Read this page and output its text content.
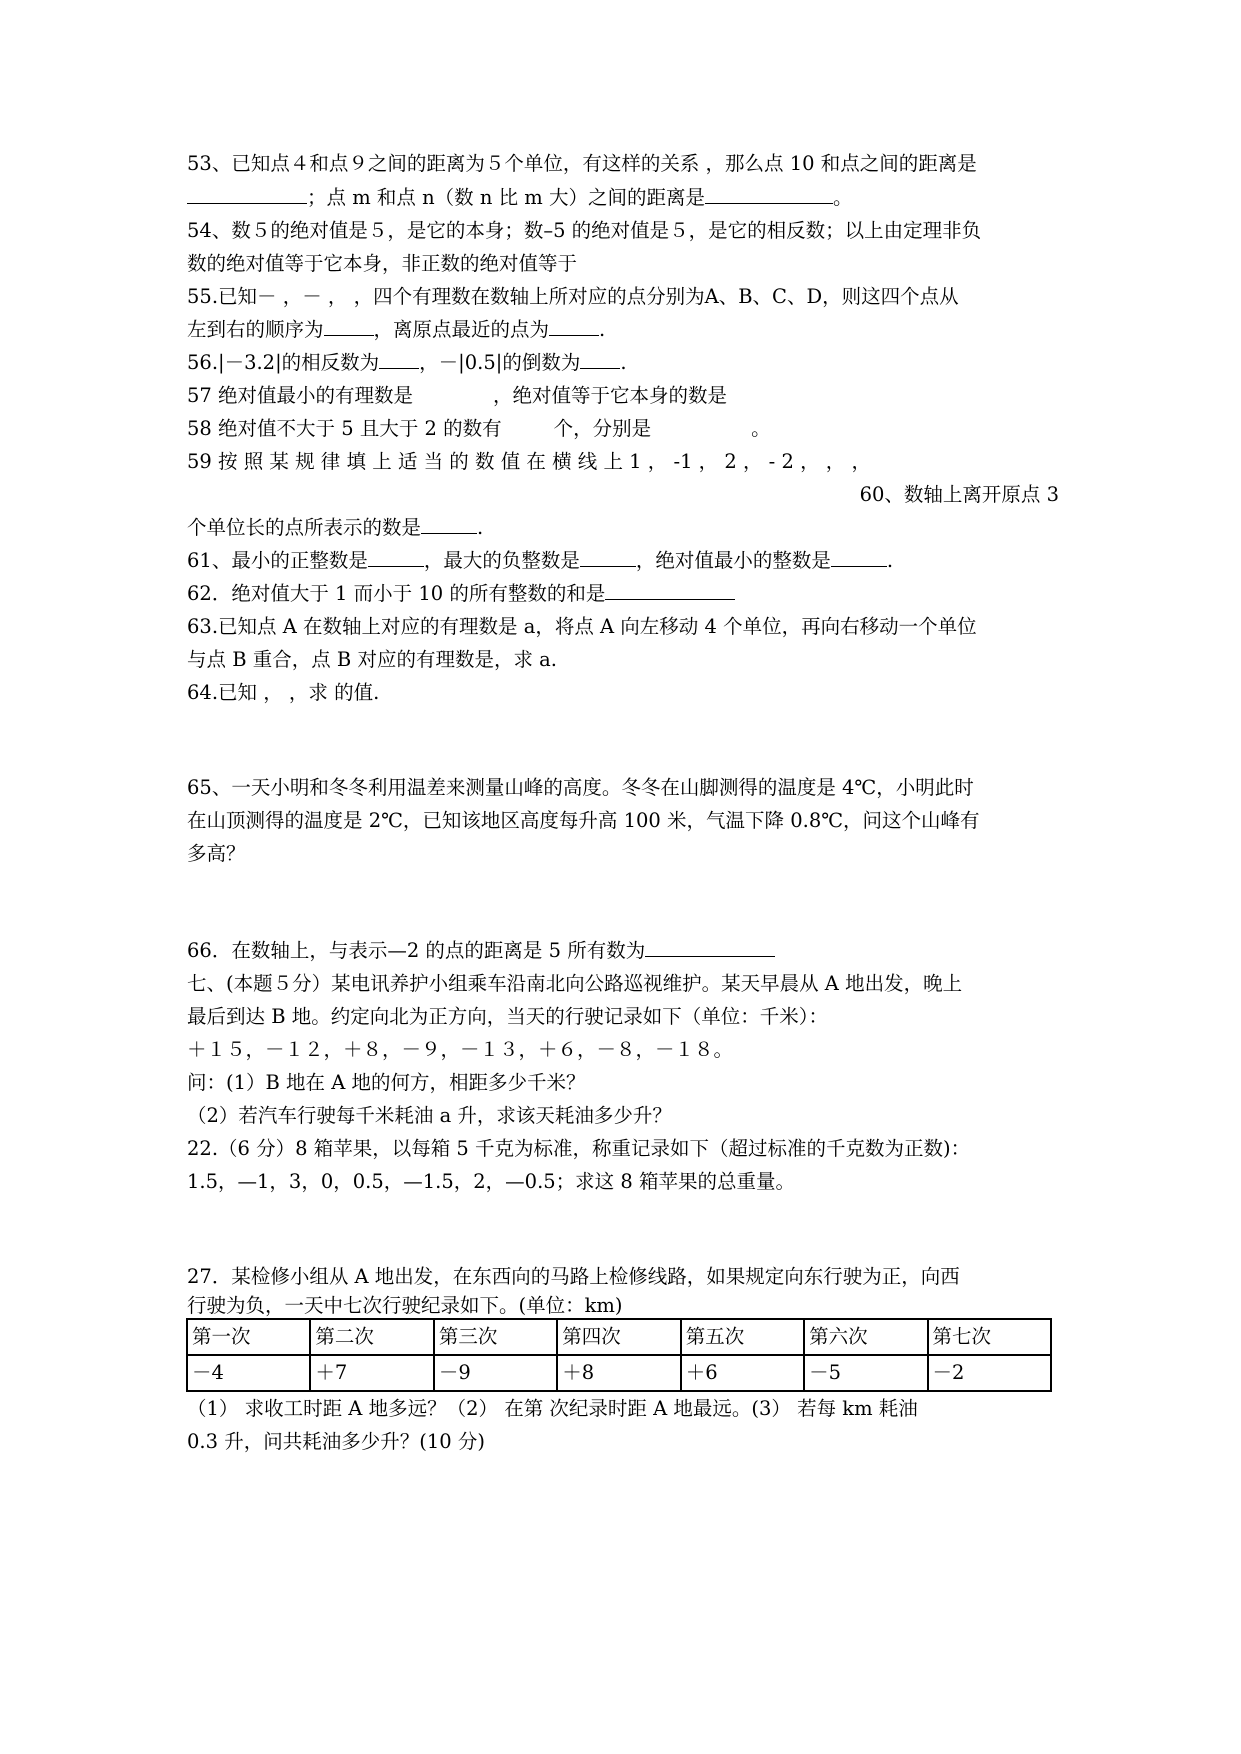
53、已知点４和点９之间的距离为５个单位，有这样的关系 ，那么点 10 和点之间的距离是
；点 m 和点 n（数 n 比 m 大）之间的距离是	。
54、数５的绝对值是５，是它的本身；数–5 的绝对值是５，是它的相反数；以上由定理非负
数的绝对值等于它本身，非正数的绝对值等于
55.已知－ ，－ ， ，四个有理数在数轴上所对应的点分别为A、B、C、D，则这四个点从
左到右的顺序为	，离原点最近的点为	.
56.|－3.2|的相反数为 ，－|0.5|的倒数为 .
57 绝对值最小的有理数是	，绝对值等于它本身的数是
58 绝对值不大于 5 且大于 2 的数有	个，分别是	。
59 按 照 某 规 律 填 上 适 当 的 数 值 在 横 线 上 1 ， -1 ， 2 ， - 2 ， ， ，
60、数轴上离开原点 3
个单位长的点所表示的数是	.
61、最小的正整数是	，最大的负整数是	，绝对值最小的整数是	.
62．绝对值大于 1 而小于 10 的所有整数的和是
63.已知点 A 在数轴上对应的有理数是 a，将点 A 向左移动 4 个单位，再向右移动一个单位
与点 B 重合，点 B 对应的有理数是，求 a.
64.已知 ， ，求 的值.
65、一天小明和冬冬利用温差来测量山峰的高度。冬冬在山脚测得的温度是 4℃，小明此时
在山顶测得的温度是 2℃，已知该地区高度每升高 100 米，气温下降 0.8℃，问这个山峰有
多高？
66．在数轴上，与表示—2 的点的距离是 5 所有数为
七、(本题５分）某电讯养护小组乘车沿南北向公路巡视维护。某天早晨从 A 地出发，晚上
最后到达 B 地。约定向北为正方向，当天的行驶记录如下（单位：千米）：
＋１５，－１２，＋８，－９，－１３，＋６，－８，－１８。
问：(1）B 地在 A 地的何方，相距多少千米？
（2）若汽车行驶每千米耗油 a 升，求该天耗油多少升？
22.（6 分）8 箱苹果，以每箱 5 千克为标准，称重记录如下（超过标准的千克数为正数)：
1.5，—1，3，0，0.5，—1.5，2，—0.5；求这 8 箱苹果的总重量。
27．某检修小组从 A 地出发，在东西向的马路上检修线路，如果规定向东行驶为正，向西
行驶为负，一天中七次行驶纪录如下。(单位：km)
第一次	第二次	第三次	第四次	第五次	第六次	第七次
－4	＋7	－9	＋8	＋6	－5	－2
（1） 求收工时距 A 地多远？（2） 在第 次纪录时距 A 地最远。(3） 若每 km 耗油
0.3 升，问共耗油多少升？(10 分)
